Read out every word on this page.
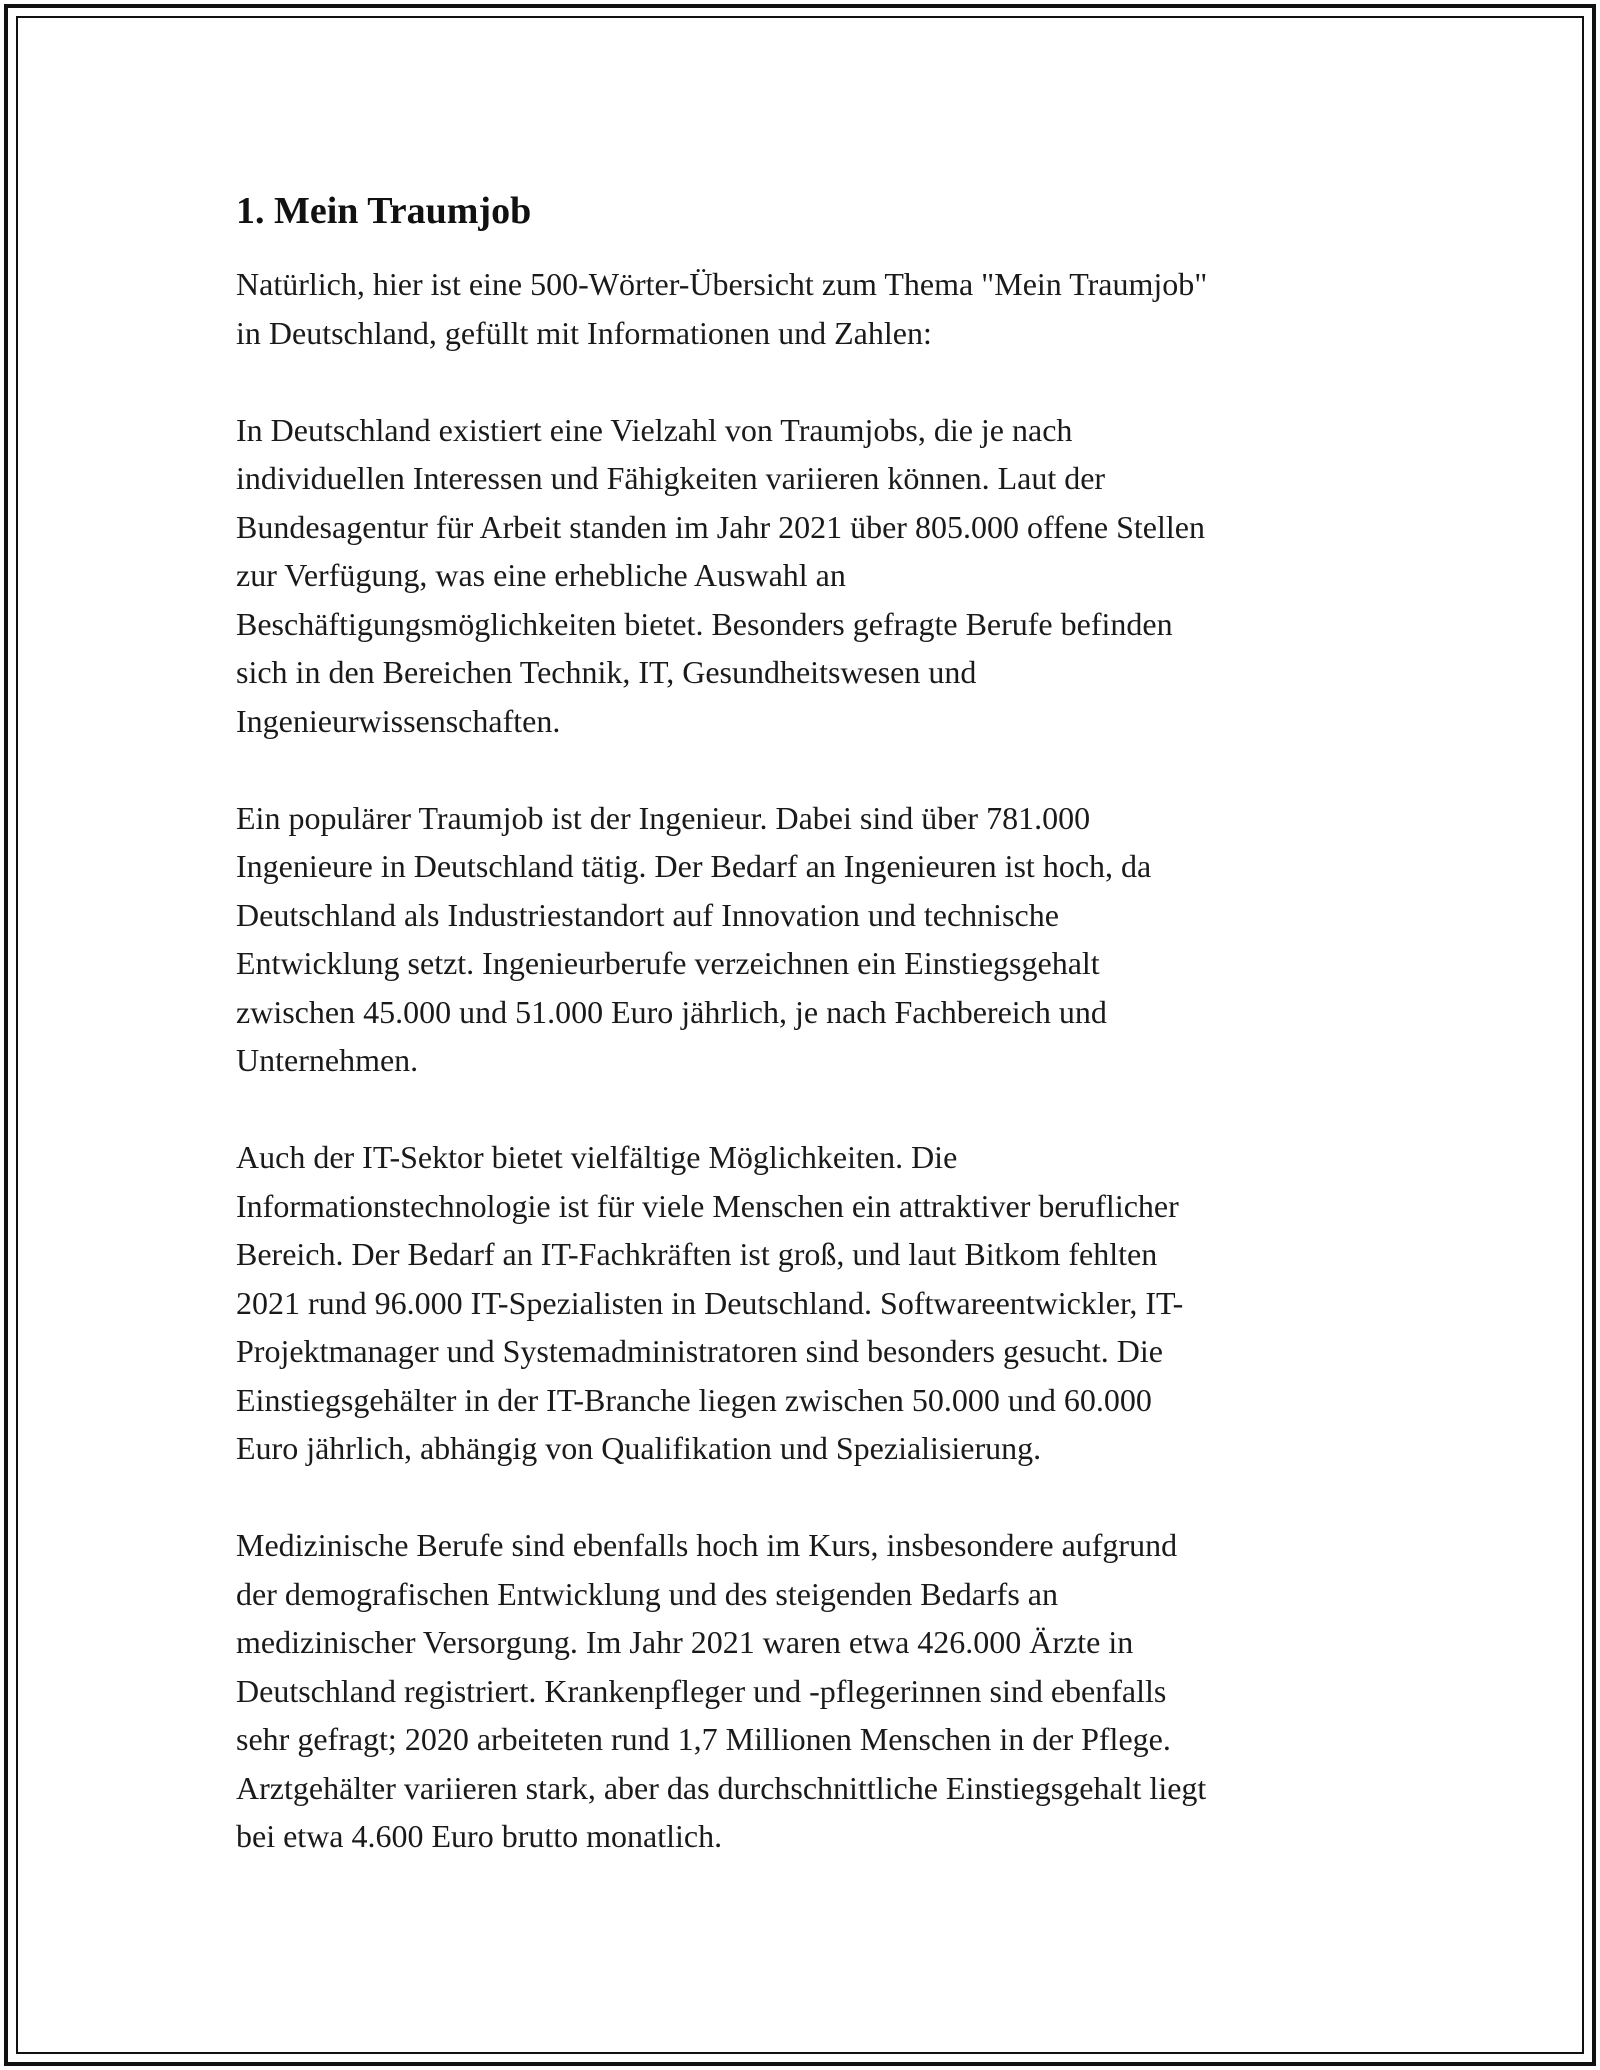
1. Mein Traumjob

Natürlich, hier ist eine 500-Wörter-Übersicht zum Thema "Mein Traumjob"
in Deutschland, gefüllt mit Informationen und Zahlen:

In Deutschland existiert eine Vielzahl von Traumjobs, die je nach
individuellen Interessen und Fähigkeiten variieren können. Laut der
Bundesagentur für Arbeit standen im Jahr 2021 über 805.000 offene Stellen
zur Verfügung, was eine erhebliche Auswahl an
Beschäftigungsmöglichkeiten bietet. Besonders gefragte Berufe befinden
sich in den Bereichen Technik, IT, Gesundheitswesen und
Ingenieurwissenschaften.

Ein populärer Traumjob ist der Ingenieur. Dabei sind über 781.000
Ingenieure in Deutschland tätig. Der Bedarf an Ingenieuren ist hoch, da
Deutschland als Industriestandort auf Innovation und technische
Entwicklung setzt. Ingenieurberufe verzeichnen ein Einstiegsgehalt
zwischen 45.000 und 51.000 Euro jährlich, je nach Fachbereich und
Unternehmen.

Auch der IT-Sektor bietet vielfältige Möglichkeiten. Die
Informationstechnologie ist für viele Menschen ein attraktiver beruflicher
Bereich. Der Bedarf an IT-Fachkräften ist groß, und laut Bitkom fehlten
2021 rund 96.000 IT-Spezialisten in Deutschland. Softwareentwickler, IT-
Projektmanager und Systemadministratoren sind besonders gesucht. Die
Einstiegsgehälter in der IT-Branche liegen zwischen 50.000 und 60.000
Euro jährlich, abhängig von Qualifikation und Spezialisierung.

Medizinische Berufe sind ebenfalls hoch im Kurs, insbesondere aufgrund
der demografischen Entwicklung und des steigenden Bedarfs an
medizinischer Versorgung. Im Jahr 2021 waren etwa 426.000 Ärzte in
Deutschland registriert. Krankenpfleger und -pflegerinnen sind ebenfalls
sehr gefragt; 2020 arbeiteten rund 1,7 Millionen Menschen in der Pflege.
Arztgehälter variieren stark, aber das durchschnittliche Einstiegsgehalt liegt
bei etwa 4.600 Euro brutto monatlich.
